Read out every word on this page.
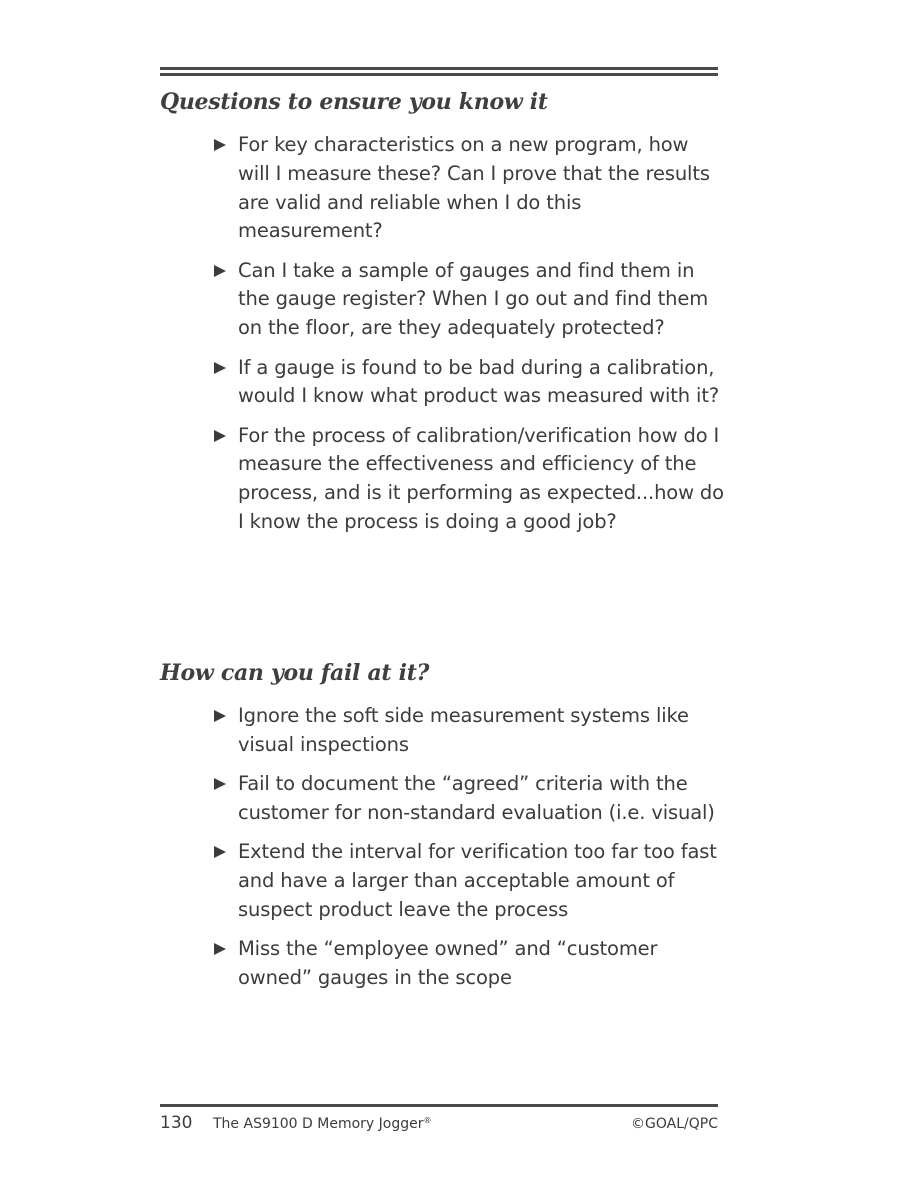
Questions to ensure you know it
For key characteristics on a new program, how will I measure these? Can I prove that the results are valid and reliable when I do this measurement?
Can I take a sample of gauges and find them in the gauge register? When I go out and find them on the floor, are they adequately protected?
If a gauge is found to be bad during a calibration, would I know what product was measured with it?
For the process of calibration/verification how do I measure the effectiveness and efficiency of the process, and is it performing as expected...how do I know the process is doing a good job?
How can you fail at it?
Ignore the soft side measurement systems like visual inspections
Fail to document the “agreed” criteria with the customer for non-standard evaluation (i.e. visual)
Extend the interval for verification too far too fast and have a larger than acceptable amount of suspect product leave the process
Miss the “employee owned” and “customer owned” gauges in the scope
130 The AS9100 D Memory Jogger®	©GOAL/QPC
